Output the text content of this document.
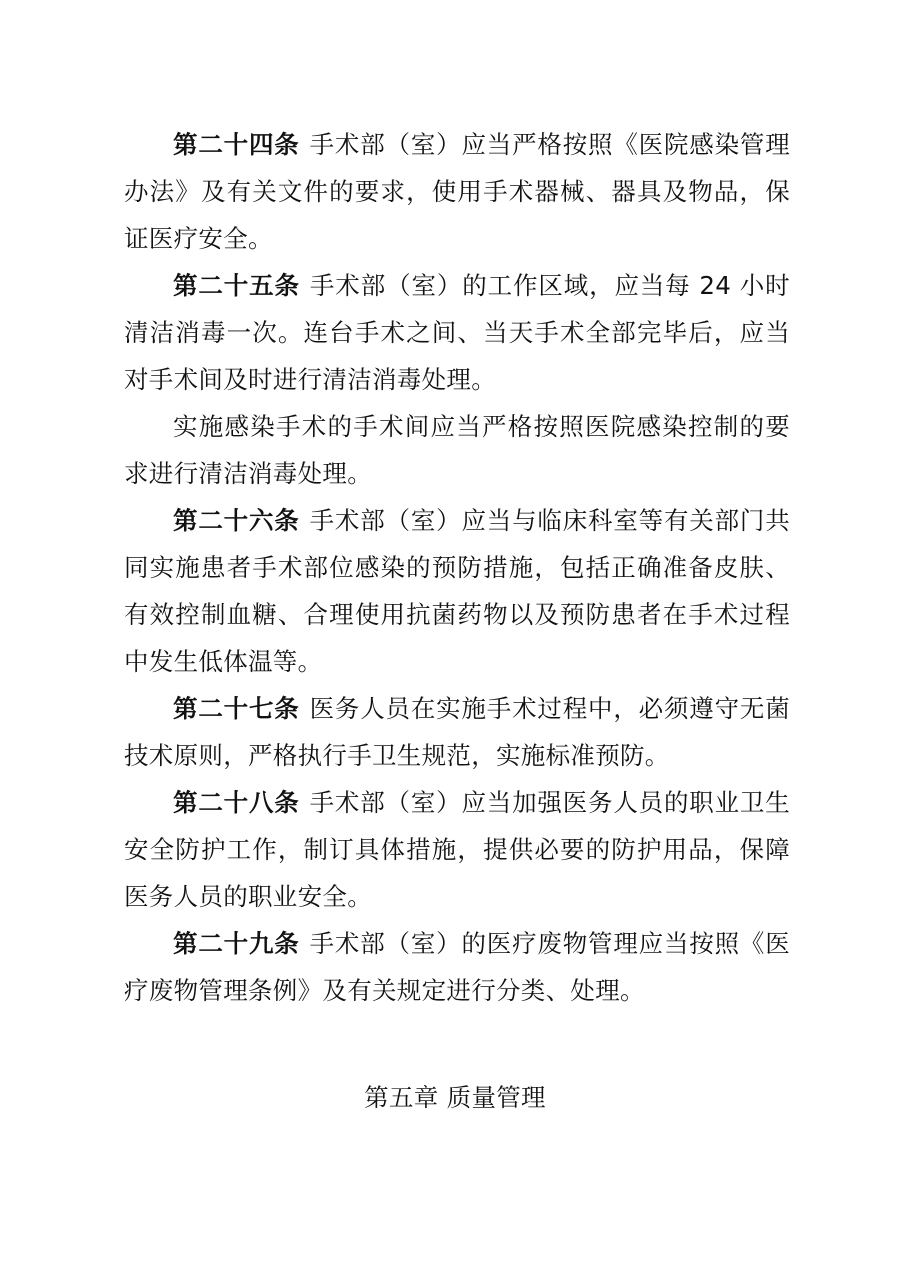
第二十四条 手术部（室）应当严格按照《医院感染管理办法》及有关文件的要求，使用手术器械、器具及物品，保证医疗安全。

第二十五条 手术部（室）的工作区域，应当每 24 小时清洁消毒一次。连台手术之间、当天手术全部完毕后，应当对手术间及时进行清洁消毒处理。

实施感染手术的手术间应当严格按照医院感染控制的要求进行清洁消毒处理。

第二十六条 手术部（室）应当与临床科室等有关部门共同实施患者手术部位感染的预防措施，包括正确准备皮肤、有效控制血糖、合理使用抗菌药物以及预防患者在手术过程中发生低体温等。

第二十七条 医务人员在实施手术过程中，必须遵守无菌技术原则，严格执行手卫生规范，实施标准预防。

第二十八条 手术部（室）应当加强医务人员的职业卫生安全防护工作，制订具体措施，提供必要的防护用品，保障医务人员的职业安全。

第二十九条 手术部（室）的医疗废物管理应当按照《医疗废物管理条例》及有关规定进行分类、处理。

第五章 质量管理
